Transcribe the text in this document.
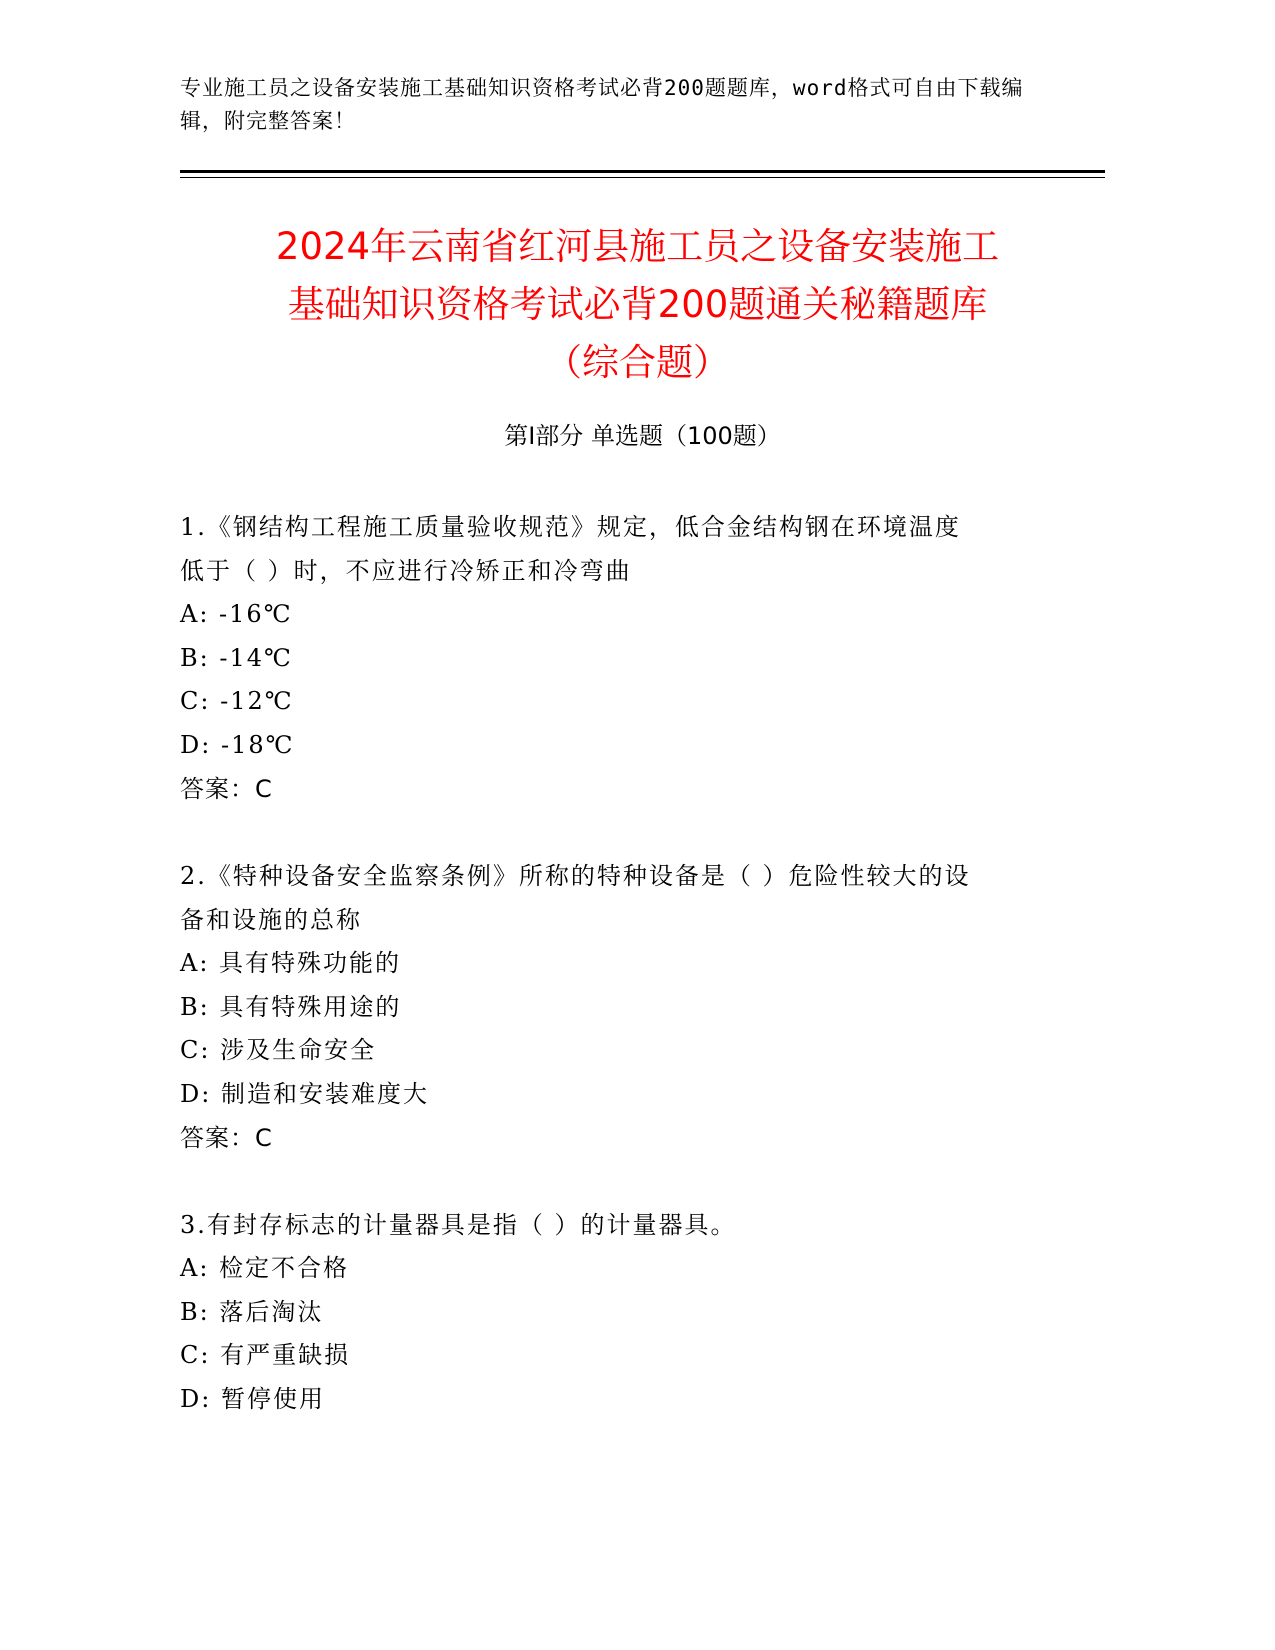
专业施工员之设备安装施工基础知识资格考试必背200题题库，word格式可自由下载编辑，附完整答案！
2024年云南省红河县施工员之设备安装施工
基础知识资格考试必背200题通关秘籍题库
（综合题）
第Ⅰ部分 单选题（100题）
1.《钢结构工程施工质量验收规范》规定，低合金结构钢在环境温度
低于（ ）时，不应进行冷矫正和冷弯曲
A: -16℃
B: -14℃
C: -12℃
D: -18℃
答案：C
2.《特种设备安全监察条例》所称的特种设备是（ ）危险性较大的设
备和设施的总称
A: 具有特殊功能的
B: 具有特殊用途的
C: 涉及生命安全
D: 制造和安装难度大
答案：C
3.有封存标志的计量器具是指（ ）的计量器具。
A: 检定不合格
B: 落后淘汰
C: 有严重缺损
D: 暂停使用
